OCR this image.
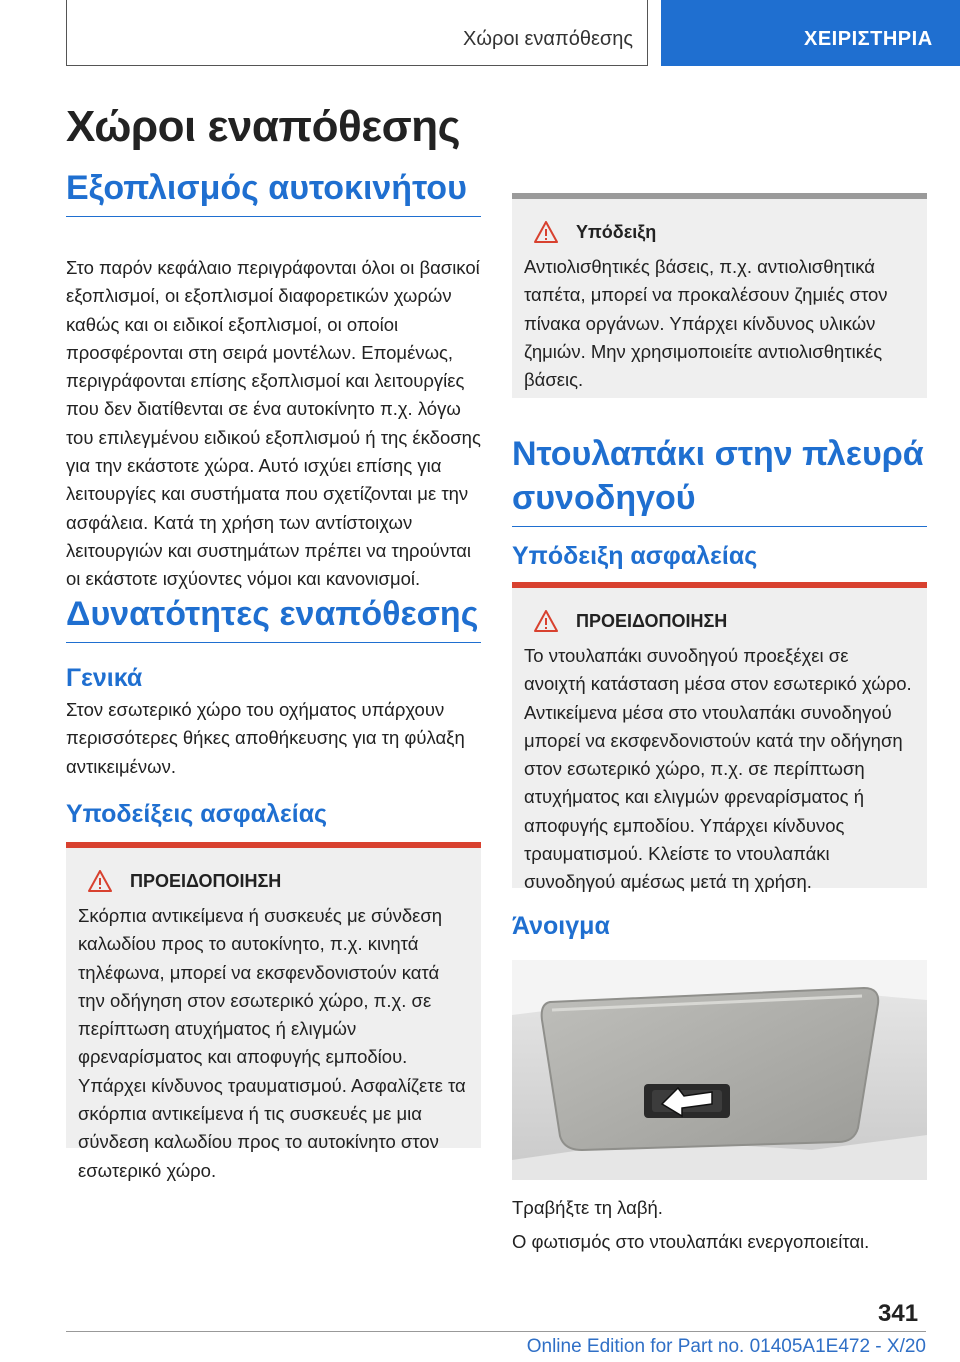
Χώροι εναπόθεσης	ΧΕΙΡΙΣΤΗΡΙΑ
Χώροι εναπόθεσης
Εξοπλισμός αυτοκινήτου

Στο παρόν κεφάλαιο περιγράφονται όλοι οι βασικοί εξοπλισμοί, οι εξοπλισμοί διαφορετικών χωρών καθώς και οι ειδικοί εξοπλισμοί, οι οποίοι προσφέρονται στη σειρά μοντέλων. Επομένως, περιγράφονται επίσης εξοπλισμοί και λειτουργίες που δεν διατίθενται σε ένα αυτοκίνητο π.χ. λόγω του επιλεγμένου ειδικού εξοπλισμού ή της έκδοσης για την εκάστοτε χώρα. Αυτό ισχύει επίσης για λειτουργίες και συστήματα που σχετίζονται με την ασφάλεια. Κατά τη χρήση των αντίστοιχων λειτουργιών και συστημάτων πρέπει να τηρούνται οι εκάστοτε ισχύοντες νόμοι και κανονισμοί.

Δυνατότητες εναπόθεσης
Γενικά

Στον εσωτερικό χώρο του οχήματος υπάρχουν περισσότερες θήκες αποθήκευσης για τη φύλαξη αντικειμένων.

Υποδείξεις ασφαλείας
ΠΡΟΕΙΔΟΠΟΙΗΣΗ

Σκόρπια αντικείμενα ή συσκευές με σύνδεση καλωδίου προς το αυτοκίνητο, π.χ. κινητά τηλέφωνα, μπορεί να εκσφενδονιστούν κατά την οδήγηση στον εσωτερικό χώρο, π.χ. σε περίπτωση ατυχήματος ή ελιγμών φρεναρίσματος και αποφυγής εμποδίου. Υπάρχει κίνδυνος τραυματισμού. Ασφαλίζετε τα σκόρπια αντικείμενα ή τις συσκευές με μια σύνδεση καλωδίου προς το αυτοκίνητο στον εσωτερικό χώρο.

Υπόδειξη

Αντιολισθητικές βάσεις, π.χ. αντιολισθητικά ταπέτα, μπορεί να προκαλέσουν ζημιές στον πίνακα οργάνων. Υπάρχει κίνδυνος υλικών ζημιών. Μην χρησιμοποιείτε αντιολισθητικές βάσεις.

Ντουλαπάκι στην πλευρά συνοδηγού
Υπόδειξη ασφαλείας
ΠΡΟΕΙΔΟΠΟΙΗΣΗ

Το ντουλαπάκι συνοδηγού προεξέχει σε ανοιχτή κατάσταση μέσα στον εσωτερικό χώρο. Αντικείμενα μέσα στο ντουλαπάκι συνοδηγού μπορεί να εκσφενδονιστούν κατά την οδήγηση στον εσωτερικό χώρο, π.χ. σε περίπτωση ατυχήματος και ελιγμών φρεναρίσματος ή αποφυγής εμποδίου. Υπάρχει κίνδυνος τραυματισμού. Κλείστε το ντουλαπάκι συνοδηγού αμέσως μετά τη χρήση.

Άνοιγμα

Τραβήξτε τη λαβή.

Ο φωτισμός στο ντουλαπάκι ενεργοποιείται.

341
Online Edition for Part no. 01405A1E472 - X/20
